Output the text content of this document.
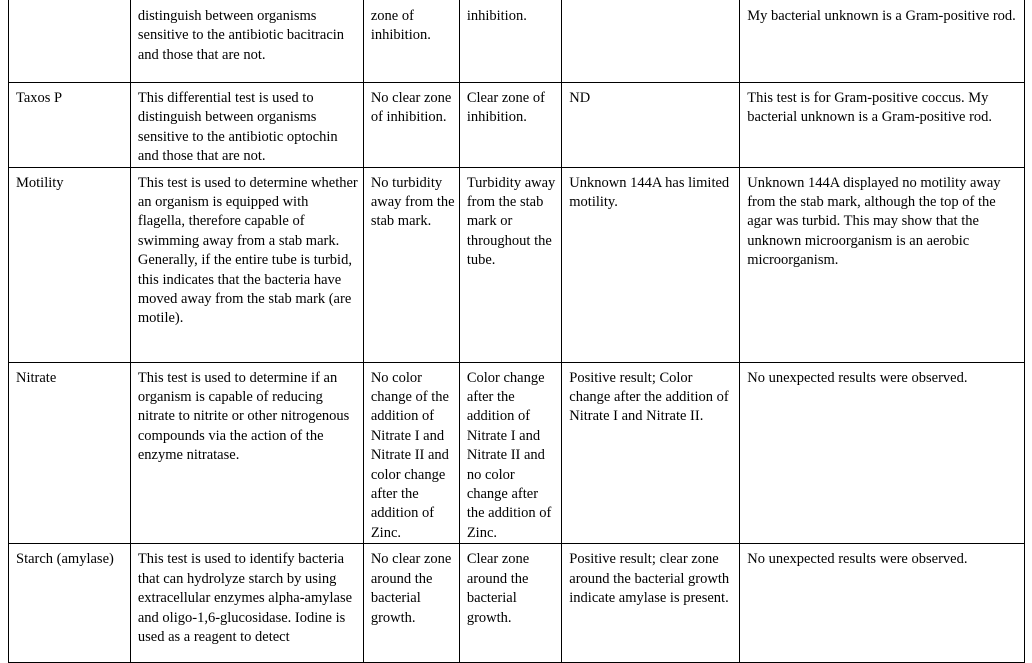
	distinguish between organisms sensitive to the antibiotic bacitracin and those that are not.	zone of inhibition.	inhibition.		My bacterial unknown is a Gram-positive rod.
Taxos P	This differential test is used to distinguish between organisms sensitive to the antibiotic optochin and those that are not.	No clear zone of inhibition.	Clear zone of inhibition.	ND	This test is for Gram-positive coccus. My bacterial unknown is a Gram-positive rod.
Motility	This test is used to determine whether an organism is equipped with flagella, therefore capable of swimming away from a stab mark. Generally, if the entire tube is turbid, this indicates that the bacteria have moved away from the stab mark (are motile).	No turbidity away from the stab mark.	Turbidity away from the stab mark or throughout the tube.	Unknown 144A has limited motility.	Unknown 144A displayed no motility away from the stab mark, although the top of the agar was turbid. This may show that the unknown microorganism is an aerobic microorganism.
Nitrate	This test is used to determine if an organism is capable of reducing nitrate to nitrite or other nitrogenous compounds via the action of the enzyme nitratase.	No color change of the addition of Nitrate I and Nitrate II and color change after the addition of Zinc.	Color change after the addition of Nitrate I and Nitrate II and no color change after the addition of Zinc.	Positive result; Color change after the addition of Nitrate I and Nitrate II.	No unexpected results were observed.
Starch (amylase)	This test is used to identify bacteria that can hydrolyze starch by using extracellular enzymes alpha-amylase and oligo-1,6-glucosidase. Iodine is used as a reagent to detect	No clear zone around the bacterial growth.	Clear zone around the bacterial growth.	Positive result; clear zone around the bacterial growth indicate amylase is present.	No unexpected results were observed.
